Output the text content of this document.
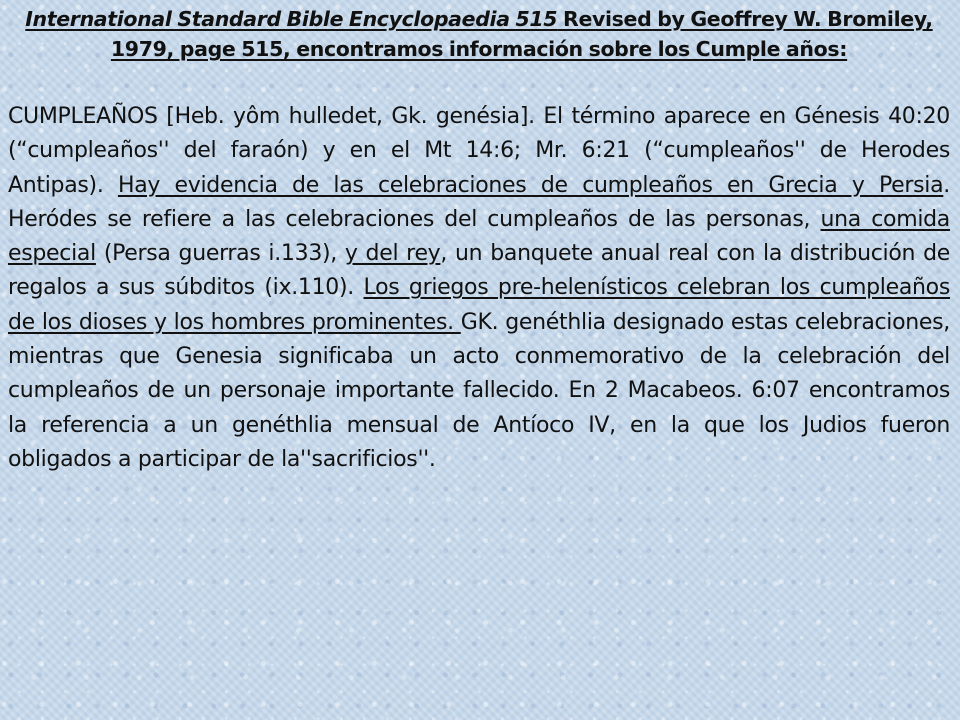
International Standard Bible Encyclopaedia 515 Revised by Geoffrey W. Bromiley, 1979, page 515, encontramos información sobre los Cumple años:

CUMPLEAÑOS [Heb. yôm hulledet, Gk. genésia]. El término aparece en Génesis 40:20 (“cumpleaños'' del faraón) y en el Mt 14:6; Mr. 6:21 (“cumpleaños'' de Herodes Antipas). Hay evidencia de las celebraciones de cumpleaños en Grecia y Persia. Heródes se refiere a las celebraciones del cumpleaños de las personas, una comida especial (Persa guerras i.133), y del rey, un banquete anual real con la distribución de regalos a sus súbditos (ix.110). Los griegos pre-helenísticos celebran los cumpleaños de los dioses y los hombres prominentes. GK. genéthlia designado estas celebraciones, mientras que Genesia significaba un acto conmemorativo de la celebración del cumpleaños de un personaje importante fallecido. En 2 Macabeos. 6:07 encontramos la referencia a un genéthlia mensual de Antíoco IV, en la que los Judios fueron obligados a participar de la''sacrificios''.
